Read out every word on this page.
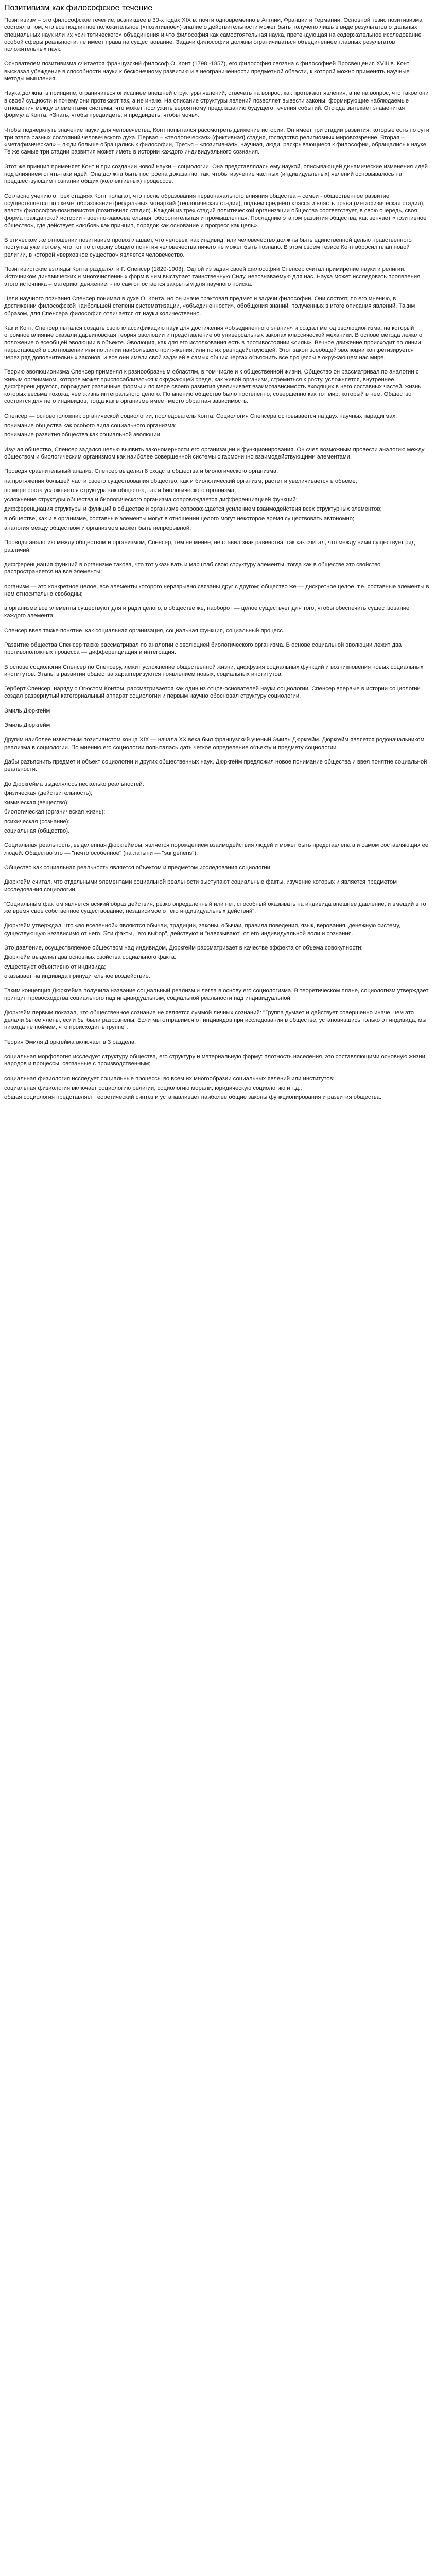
Позитивизм как философское течение

Позитивизм – это философское течение, возникшее в 30-х годах XIX в. почти одновременно в Англии, Франции и Германии. Основной тезис позитивизма состоял в том, что все подлинное положительное («позитивное») знание о действительности может быть получено лишь в виде результатов отдельных специальных наук или их «синтетического» объединения и что философия как самостоятельная наука, претендующая на содержательное исследование особой сферы реальности, не имеет права на существование. Задачи философии должны ограничиваться объединением главных результатов положительных наук.

Основателем позитивизма считается французский философ О. Конт (1798 -1857), его философия связана с философией Просвещения XVIII в. Конт высказал убеждение в способности науки к бесконечному развитию и в неограниченности предметной области, к которой можно применять научные методы мышления.

Наука должна, в принципе, ограничиться описанием внешней структуры явлений, отвечать на вопрос, как протекают явления, а не на вопрос, что такое они в своей сущности и почему они протекают так, а не иначе. На описание структуры явлений позволяет вывести законы, формирующие наблюдаемые отношения между элементами системы, что может послужить вероятному предсказанию будущего течения событий. Отсюда вытекает знаменитая формула Конта: «Знать, чтобы предвидеть, и предвидеть, чтобы мочь».

Чтобы подчеркнуть значение науки для человечества, Конт попытался рассмотреть движение истории. Он имеет три стадии развития, которые есть по сути три этапа разных состояний человеческого духа. Первая – «теологическая» (фиктивная) стадия, господство религиозных мировоззрение, Вторая – «метафизическая» – люди больше обращались к философии, Третья – «позитивная», научная, люди, раскрывающиеся к философии, обращались к науке. Те же самые три стадии развития может иметь в истории каждого индивидуального сознания.

Этот же принцип применяет Конт и при создании новой науки – социологии. Она представлялась ему наукой, описывающей динамические изменения идей под влиянием опять-таки идей. Она должна быть построена доказанно, так, чтобы изучение частных (индивидуальных) явлений основывалось на предшествующим познании общих (коллективных) процессов.

Согласно учению о трех стадиях Конт полагал, что после образования первоначального влияния общества – семьи - общественное развитие осуществляется по схеме: образование феодальных монархий (теологическая стадия), подъем среднего класса и власть права (метафизическая стадия), власть философов-позитивистов (позитивная стадия). Каждой из трех стадий политической организации общества соответствует, в свою очередь, своя форма гражданской истории - военно-завоевательная, оборонительная и промышленная. Последним этапом развития общества, как венчает «позитивное общество», где действует «любовь как принцип, порядок как основание и прогресс как цель».

В этическом же отношении позитивизм провозглашает, что человек, как индивид, или человечество должны быть единственной целью нравственного поступка уже потому, что тот по сторону общего понятия человечества ничего не может быть познано. В этом своем тезисе Конт вбросил план новой религии, в которой «верховное существо» является человечество.

Позитивистские взгляды Конта разделял и Г. Спенсер (1820-1903). Одной из задач своей философии Спенсер считал примирение науки и религии. Источником динамических и многочисленных форм в ним выступает таинственную Силу, непознаваемую для нас. Наука может исследовать проявления этого источника – материю, движение, - но сам он остается закрытым для научного поиска.

Цели научного познания Спенсер понимал в духе О. Конта, но он иначе трактовал предмет и задачи философии. Они состоят, по его мнению, в достижении философской наибольшей степени систематизации, «объединенности», обобщения знаний, полученных в итоге описания явлений. Таким образом, для Спенсера философия отличается от науки количественно.

Как и Конт, Спенсер пытался создать свою классификацию наук для достижения «объединенного знания» и создал метод эволюционизма, на который огромное влияние оказали дарвиновская теория эволюции и представление об универсальных законах классической механики. В основе метода лежало положение о всеобщей эволюции в объекте. Эволюция, как для его истолкования есть в противостоянии «силы». Вечное движение происходит по линии нарастающей в соотношении или по линии наибольшего притяжения, или по их равнодействующей. Этот закон всеобщей эволюции конкретизируется через ряд дополнительных законов, и все они имели свой задачей в самых общих чертах объяснить все процессы в окружающем нас мире.

Теорию эволюционизма Спенсер применял к разнообразным областям, в том числе и к общественной жизни. Общество он рассматривал по аналогии с живым организмом, которое может приспосабливаться к окружающей среде, как живой организм, стремиться к росту, усложняется, внутреннее дифференцируется, порождает различные формы и по мере своего развития увеличивает взаимозависимость входящих в него составных частей, жизнь которых весьма похожа, чем жизнь интегрального целого. По мнению общество было постепенно, совершенно как тот мир, который в нем. Общество состоится для него индивидов, тогда как в организме имеет место обратная зависимость.

Спенсер — основоположник органической социологии, последователь Конта. Социология Спенсера основывается на двух научных парадигмах:

понимание общества как особого вида социального организма;

понимание развития общества как социальной эволюции.

Изучая общество, Спенсер задался целью выявить закономерности его организации и функционирования. Он счел возможным провести аналогию между обществом и биологическим организмом как наиболее совершенной системы с гармонично взаимодействующими элементами.

Проведя сравнительный анализ, Спенсер выделил 8 сходств общества и биологического организма.

на протяжении большей части своего существования общество, как и биологический организм, растет и увеличивается в объеме;

по мере роста усложняется структура как общества, так и биологического организма;

усложнение структуры общества и биологического организма сопровождается дифференциацией функций;

дифференциация структуры и функций в обществе и организме сопровождается усилением взаимодействия всех структурных элементов;

в обществе, как и в организме, составные элементы могут в отношении целого могут некоторое время существовать автономно;

аналогия между обществом и организмом может быть непрерывной.

Проводя аналогию между обществом и организмом, Спенсер, тем не менее, не ставил знак равенства, так как считал, что между ними существует ряд различий:

дифференциация функций в организме такова, что тот указывать и масштаб свою структуру элементы, тогда как в обществе это свойство распространяется на все элементы;

организм — это конкретное целое, все элементы которого неразрывно связаны друг с другом; общество же — дискретное целое, т.е. составные элементы в нем относительно свободны;

в организме все элементы существуют для и ради целого, в обществе же, наоборот — целое существует для того, чтобы обеспечить существование каждого элемента.

Спенсер ввел также понятие, как социальная организация, социальная функция, социальный процесс.

Развитие общества Спенсер также рассматривал по аналогии с эволюцией биологического организма. В основе социальной эволюции лежит два противоположных процесса — дифференциация и интеграция.

В основе социологии Спенсер по Спенсеру, лежит усложнение общественной жизни, диффузия социальных функций и возникновения новых социальных институтов. Этапы в развитии общества характеризуются появлением новых, социальных институтов.

Герберт Спенсер, наряду с Огюстом Контом, рассматривается как один из отцов-основателей науки социологии. Спенсер впервые в истории социологии создал развернутый категориальный аппарат социологии и первым научно обосновал структуру социологии.

Эмиль Дюркгейм

Эмиль Дюркгейм

Другим наиболее известным позитивистом конца XIX — начала XX века был французский ученый Эмиль Дюркгейм. Дюркгейм является родоначальником реализма в социологии. По мнению его социологии попыталась дать четкое определение объекту и предмету социологии.

Дабы разъяснить предмет и объект социологии и других общественных наук, Дюркгейм предложил новое понимание общества и ввел понятие социальной реальности.

До Дюркгейма выделялось несколько реальностей:

физическая (действительность);

химическая (вещество);

биологическая (органическая жизнь);

психическая (сознание);

социальная (общество).

Социальная реальность, выделенная Дюркгеймом, является порождением взаимодействия людей и может быть представлена в и самом составляющих ее людей. Общество это — "нечто особенное" (на латыни — "sui generis").

Общество как социальная реальность является объектом и предметом исследования социологии.

Дюркгейм считал, что отдельными элементами социальной реальности выступают социальные факты, изучение которых и является предметом исследования социологии.

"Социальным фактом является всякий образ действия, резко определенный или нет, способный оказывать на индивида внешнее давление, и вмещий в то же время свое собственное существование, независимое от его индивидуальных действий".

Дюркгейм утверждал, что «во вселенной» являются обычаи, традиции, законы, обычаи, правила поведения, язык, верования, денежную систему, существующую независимо от него. Эти факты, "его выбор", действуют и "навязывают" от его индивидуальной воли и сознания.

Это давление, осуществляемое обществом над индивидом, Дюркгейм рассматривает в качестве эффекта от объема совокупности:

Дюркгейм выделил два основных свойства социального факта:

существуют объективно от индивида;

оказывает на индивида принудительное воздействие.

Таким концепция Дюркгейма получила название социальный реализм и легла в основу его социологизма. В теоретическом плане, социологизм утверждает принцип превосходства социального над индивидуальным, социальной реальности над индивидуальной.

Дюркгейм первым показал, что общественное сознание не является суммой личных сознаний: "Группа думает и действует совершенно иначе, чем это делали бы ее члены, если бы были разрознены. Если мы отправимся от индивидов при исследовании в обществе, установившись только от индивида, мы никогда не поймем, что происходит в группе".

Теория Эмиля Дюркгейма включает в 3 раздела:

социальная морфология исследует структуру общества, его структуру и материальную форму: плотность населения, это составляющими основную жизни народов и процессы, связанные с производственным;

социальная физиология исследует социальные процессы во всем их многообразии социальных явлений или институтов;

социальная физиология включает социологию религии, социологию морали, юридическую социологию и т.д.;

общая социология представляет теоретический синтез и устанавливает наиболее общие законы функционирования и развития общества.
